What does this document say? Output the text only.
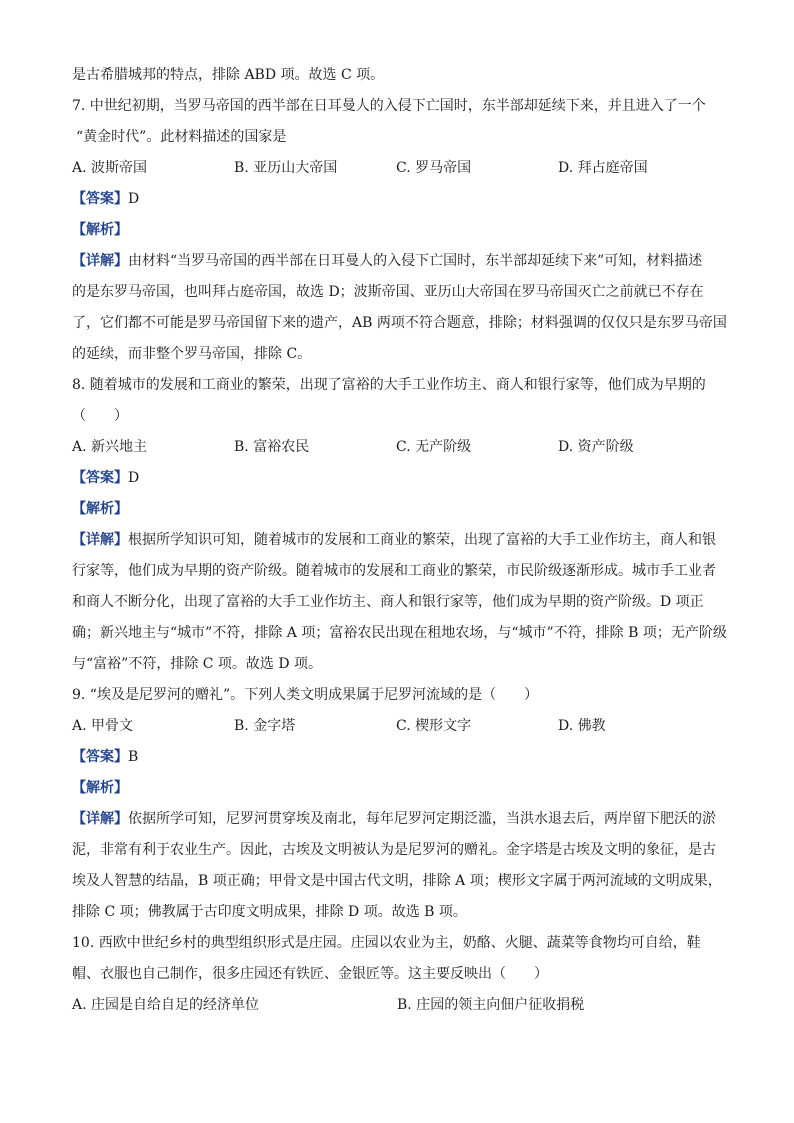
是古希腊城邦的特点，排除 ABD 项。故选 C 项。
7. 中世纪初期，当罗马帝国的西半部在日耳曼人的入侵下亡国时，东半部却延续下来，并且进入了一个
“黄金时代”。此材料描述的国家是
A. 波斯帝国	B. 亚历山大帝国	C. 罗马帝国	D. 拜占庭帝国
【答案】D
【解析】
【详解】由材料“当罗马帝国的西半部在日耳曼人的入侵下亡国时，东半部却延续下来”可知，材料描述
的是东罗马帝国，也叫拜占庭帝国，故选 D；波斯帝国、亚历山大帝国在罗马帝国灭亡之前就已不存在
了，它们都不可能是罗马帝国留下来的遗产，AB 两项不符合题意，排除；材料强调的仅仅只是东罗马帝国
的延续，而非整个罗马帝国，排除 C。
8. 随着城市的发展和工商业的繁荣，出现了富裕的大手工业作坊主、商人和银行家等，他们成为早期的
（　　）
A. 新兴地主	B. 富裕农民	C. 无产阶级	D. 资产阶级
【答案】D
【解析】
【详解】根据所学知识可知，随着城市的发展和工商业的繁荣，出现了富裕的大手工业作坊主，商人和银
行家等，他们成为早期的资产阶级。随着城市的发展和工商业的繁荣，市民阶级逐渐形成。城市手工业者
和商人不断分化，出现了富裕的大手工业作坊主、商人和银行家等，他们成为早期的资产阶级。D 项正
确；新兴地主与“城市”不符，排除 A 项；富裕农民出现在租地农场，与“城市”不符，排除 B 项；无产阶级
与“富裕”不符，排除 C 项。故选 D 项。
9. “埃及是尼罗河的赠礼”。下列人类文明成果属于尼罗河流域的是（　　）
A. 甲骨文	B. 金字塔	C. 楔形文字	D. 佛教
【答案】B
【解析】
【详解】依据所学可知，尼罗河贯穿埃及南北，每年尼罗河定期泛滥，当洪水退去后，两岸留下肥沃的淤
泥，非常有利于农业生产。因此，古埃及文明被认为是尼罗河的赠礼。金字塔是古埃及文明的象征，是古
埃及人智慧的结晶，B 项正确；甲骨文是中国古代文明，排除 A 项；楔形文字属于两河流域的文明成果，
排除 C 项；佛教属于古印度文明成果，排除 D 项。故选 B 项。
10. 西欧中世纪乡村的典型组织形式是庄园。庄园以农业为主，奶酪、火腿、蔬菜等食物均可自给，鞋
帽、衣服也自己制作，很多庄园还有铁匠、金银匠等。这主要反映出（　　）
A. 庄园是自给自足的经济单位	B. 庄园的领主向佃户征收捐税
